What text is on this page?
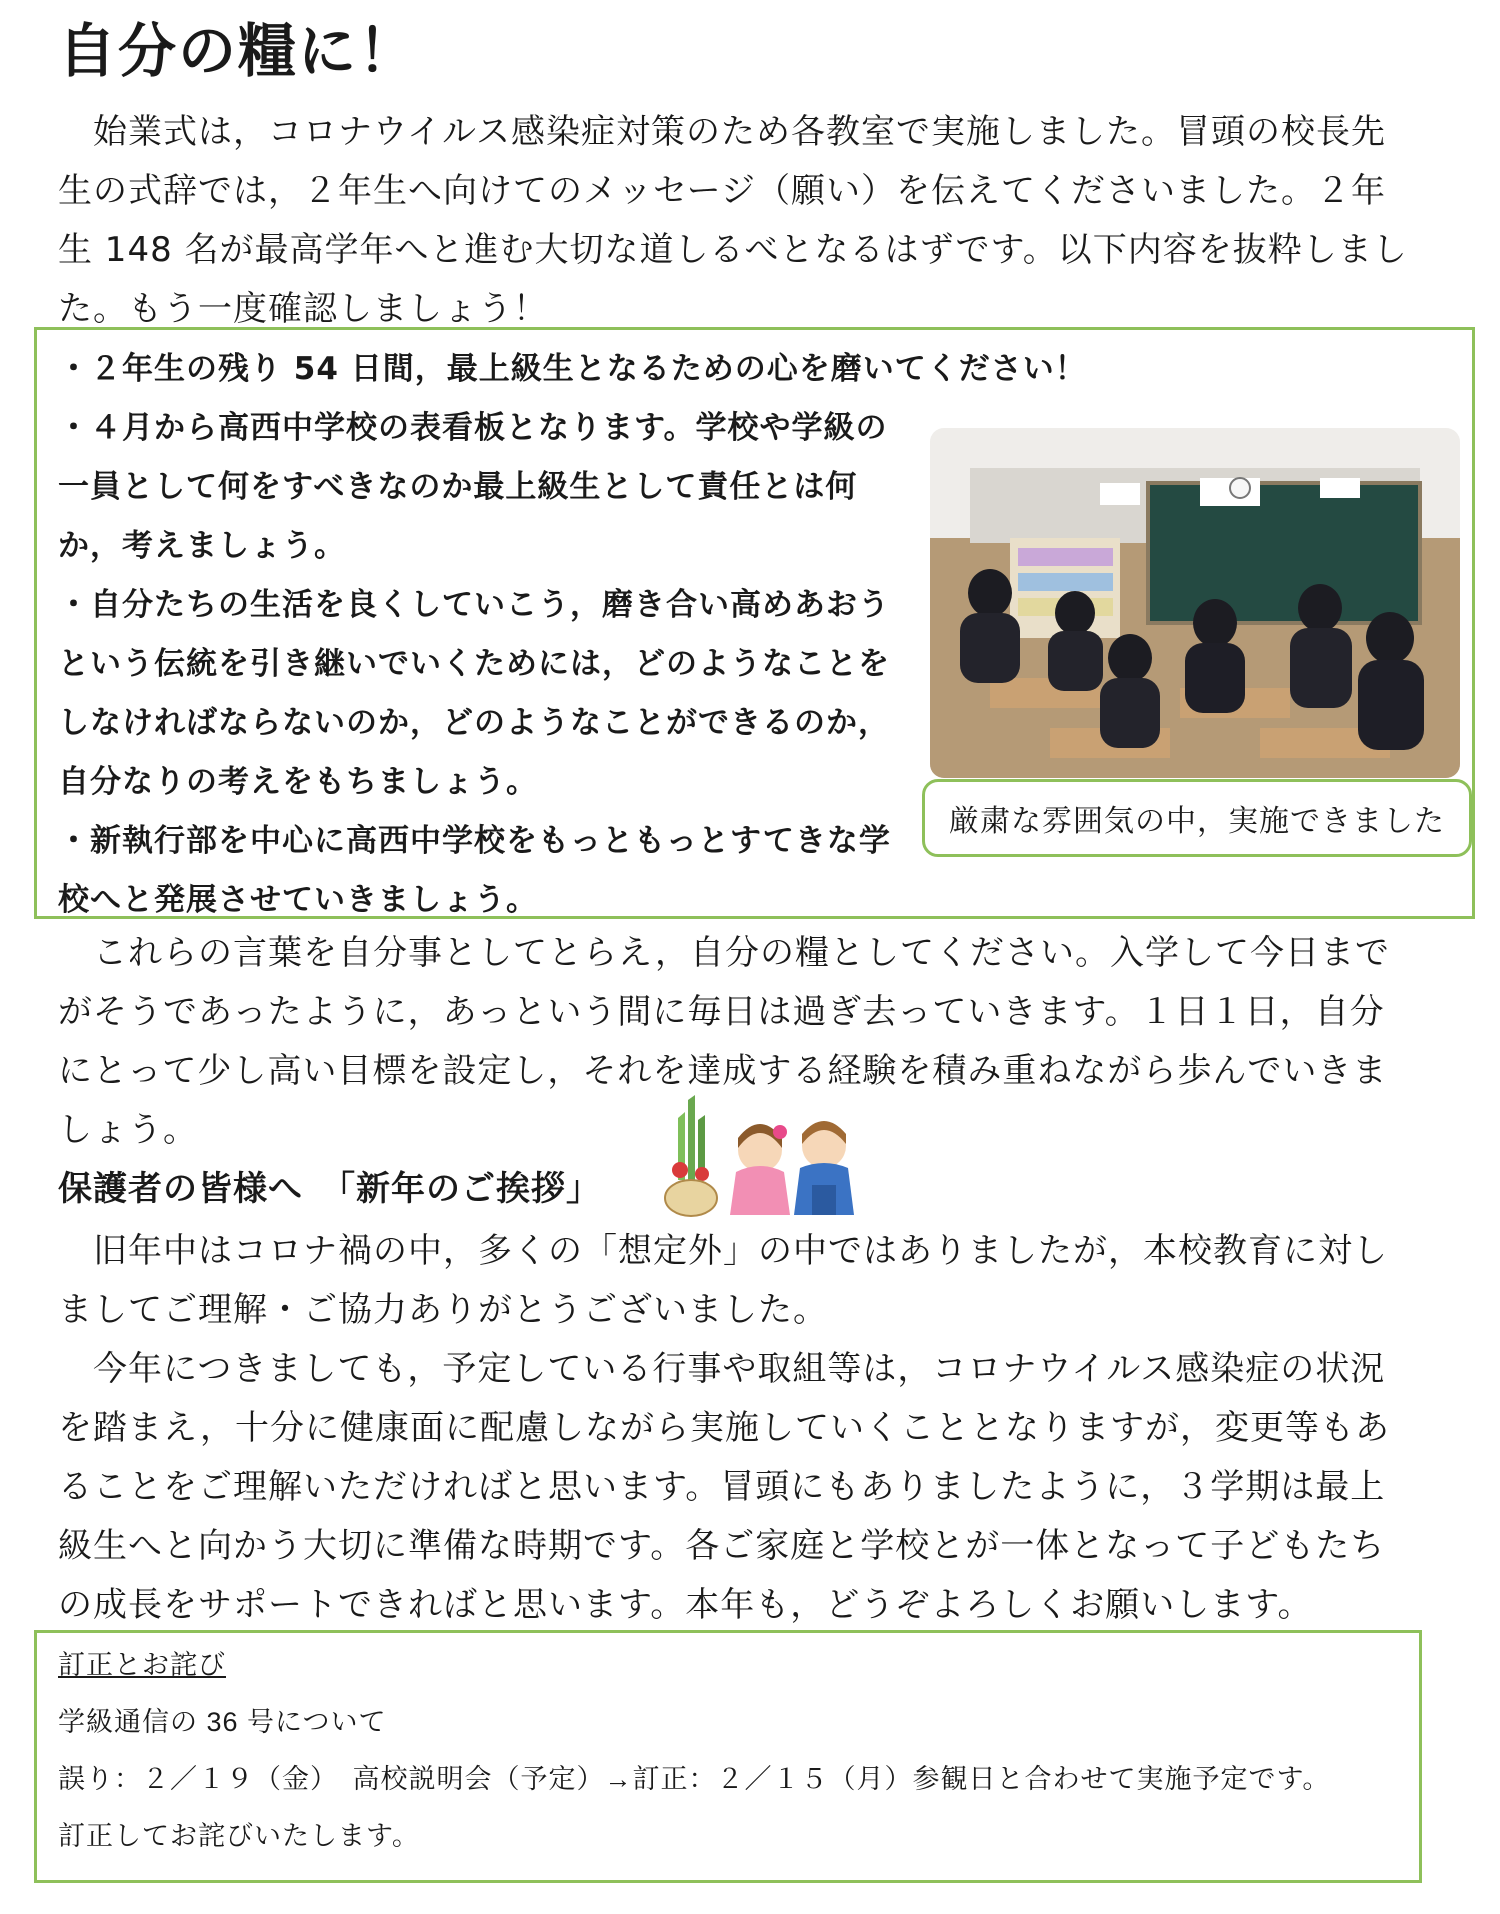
自分の糧に！

　始業式は，コロナウイルス感染症対策のため各教室で実施しました。冒頭の校長先生の式辞では，２年生へ向けてのメッセージ（願い）を伝えてくださいました。２年生 148 名が最高学年へと進む大切な道しるべとなるはずです。以下内容を抜粋しました。もう一度確認しましょう！

・２年生の残り 54 日間，最上級生となるための心を磨いてください！
・４月から高西中学校の表看板となります。学校や学級の一員として何をすべきなのか最上級生として責任とは何か，考えましょう。
・自分たちの生活を良くしていこう，磨き合い高めあおうという伝統を引き継いでいくためには，どのようなことをしなければならないのか，どのようなことができるのか，自分なりの考えをもちましょう。
・新執行部を中心に高西中学校をもっともっとすてきな学校へと発展させていきましょう。
厳粛な雰囲気の中，実施できました

　これらの言葉を自分事としてとらえ，自分の糧としてください。入学して今日までがそうであったように，あっという間に毎日は過ぎ去っていきます。１日１日，自分にとって少し高い目標を設定し，それを達成する経験を積み重ねながら歩んでいきましょう。

保護者の皆様へ　「新年のご挨拶」

　旧年中はコロナ禍の中，多くの「想定外」の中ではありましたが，本校教育に対しましてご理解・ご協力ありがとうございました。

　今年につきましても，予定している行事や取組等は，コロナウイルス感染症の状況を踏まえ，十分に健康面に配慮しながら実施していくこととなりますが，変更等もあることをご理解いただければと思います。冒頭にもありましたように，３学期は最上級生へと向かう大切に準備な時期です。各ご家庭と学校とが一体となって子どもたちの成長をサポートできればと思います。本年も，どうぞよろしくお願いします。

訂正とお詫び

学級通信の 36 号について

誤り：２／１９（金）　高校説明会（予定）→訂正：２／１５（月）参観日と合わせて実施予定です。

訂正してお詫びいたします。
